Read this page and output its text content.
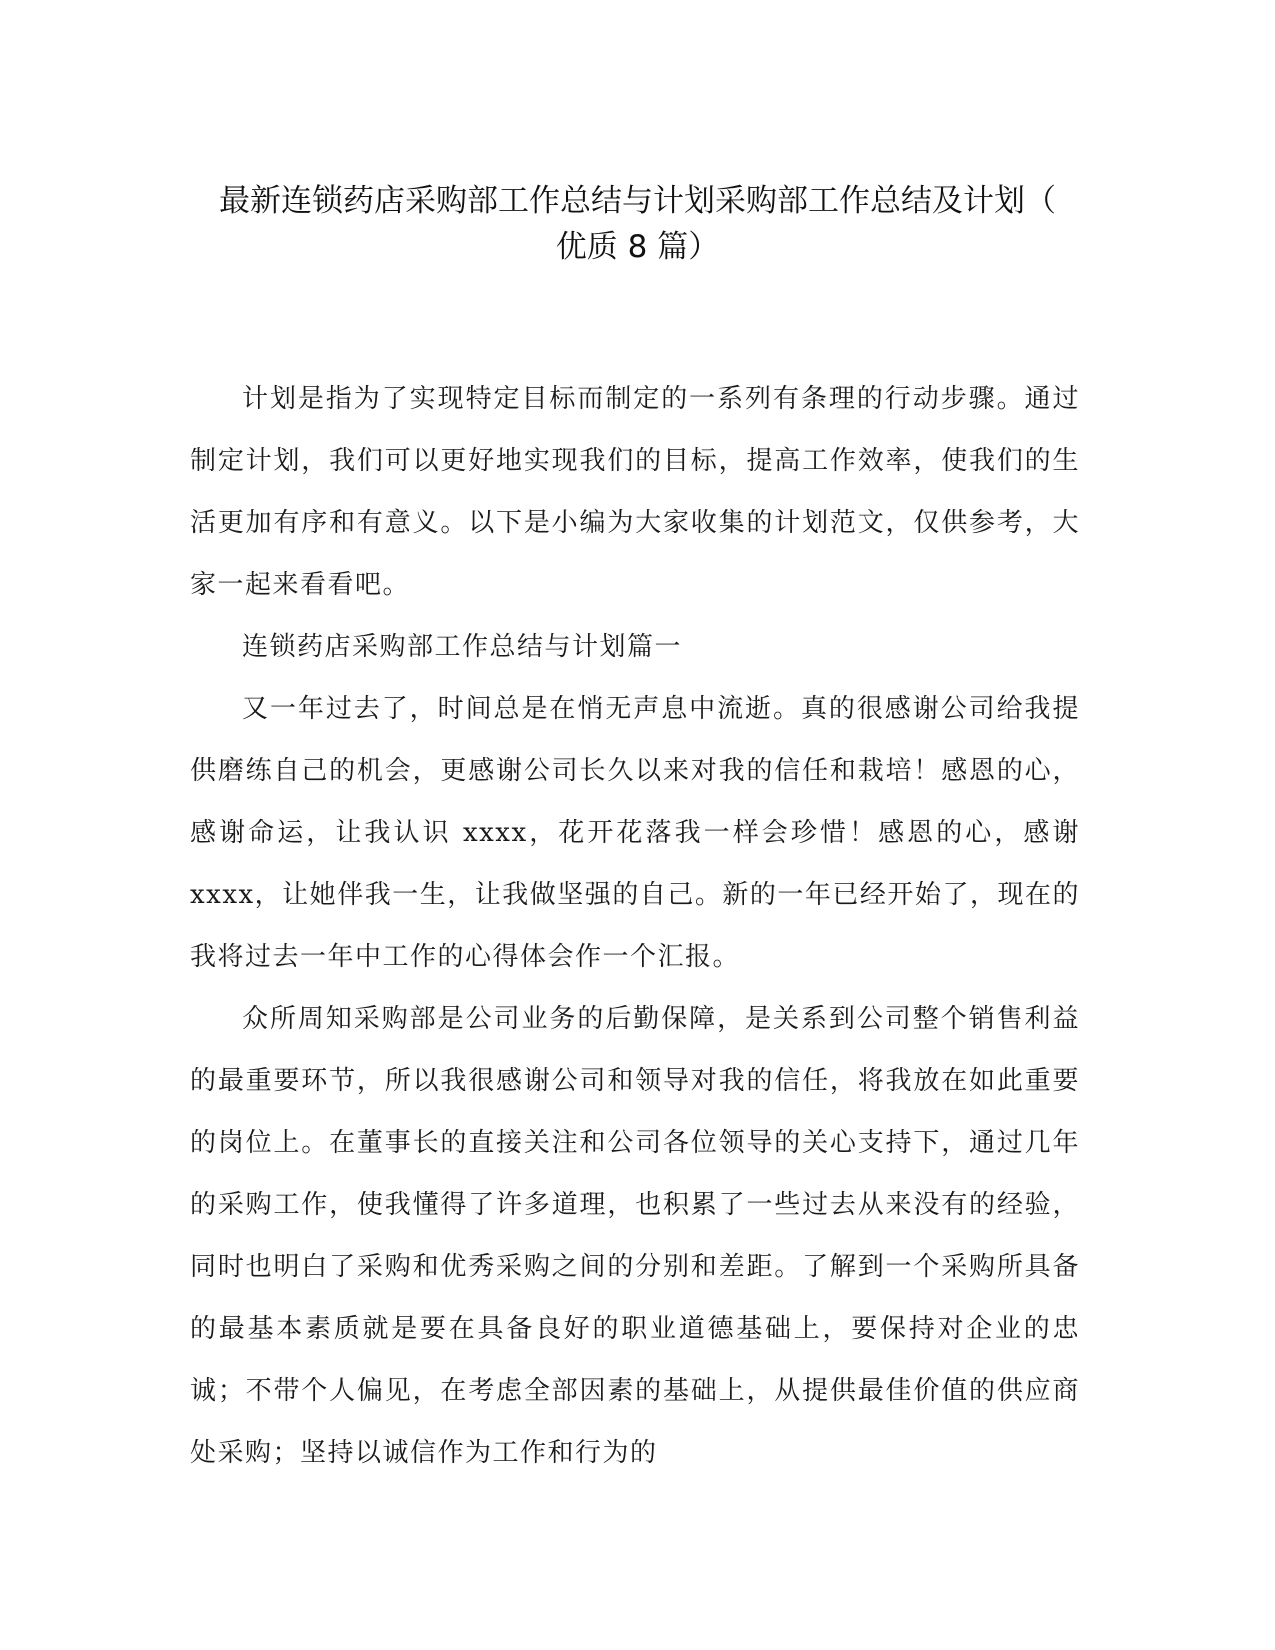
最新连锁药店采购部工作总结与计划采购部工作总结及计划（
优质 8 篇）

计划是指为了实现特定目标而制定的一系列有条理的行动步骤。通过制定计划，我们可以更好地实现我们的目标，提高工作效率，使我们的生活更加有序和有意义。以下是小编为大家收集的计划范文，仅供参考，大家一起来看看吧。

连锁药店采购部工作总结与计划篇一

又一年过去了，时间总是在悄无声息中流逝。真的很感谢公司给我提供磨练自己的机会，更感谢公司长久以来对我的信任和栽培！感恩的心，感谢命运，让我认识 xxxx，花开花落我一样会珍惜！感恩的心，感谢 xxxx，让她伴我一生，让我做坚强的自己。新的一年已经开始了，现在的我将过去一年中工作的心得体会作一个汇报。

众所周知采购部是公司业务的后勤保障，是关系到公司整个销售利益的最重要环节，所以我很感谢公司和领导对我的信任，将我放在如此重要的岗位上。在董事长的直接关注和公司各位领导的关心支持下，通过几年的采购工作，使我懂得了许多道理，也积累了一些过去从来没有的经验，同时也明白了采购和优秀采购之间的分别和差距。了解到一个采购所具备的最基本素质就是要在具备良好的职业道德基础上，要保持对企业的忠诚；不带个人偏见，在考虑全部因素的基础上，从提供最佳价值的供应商处采购；坚持以诚信作为工作和行为的
